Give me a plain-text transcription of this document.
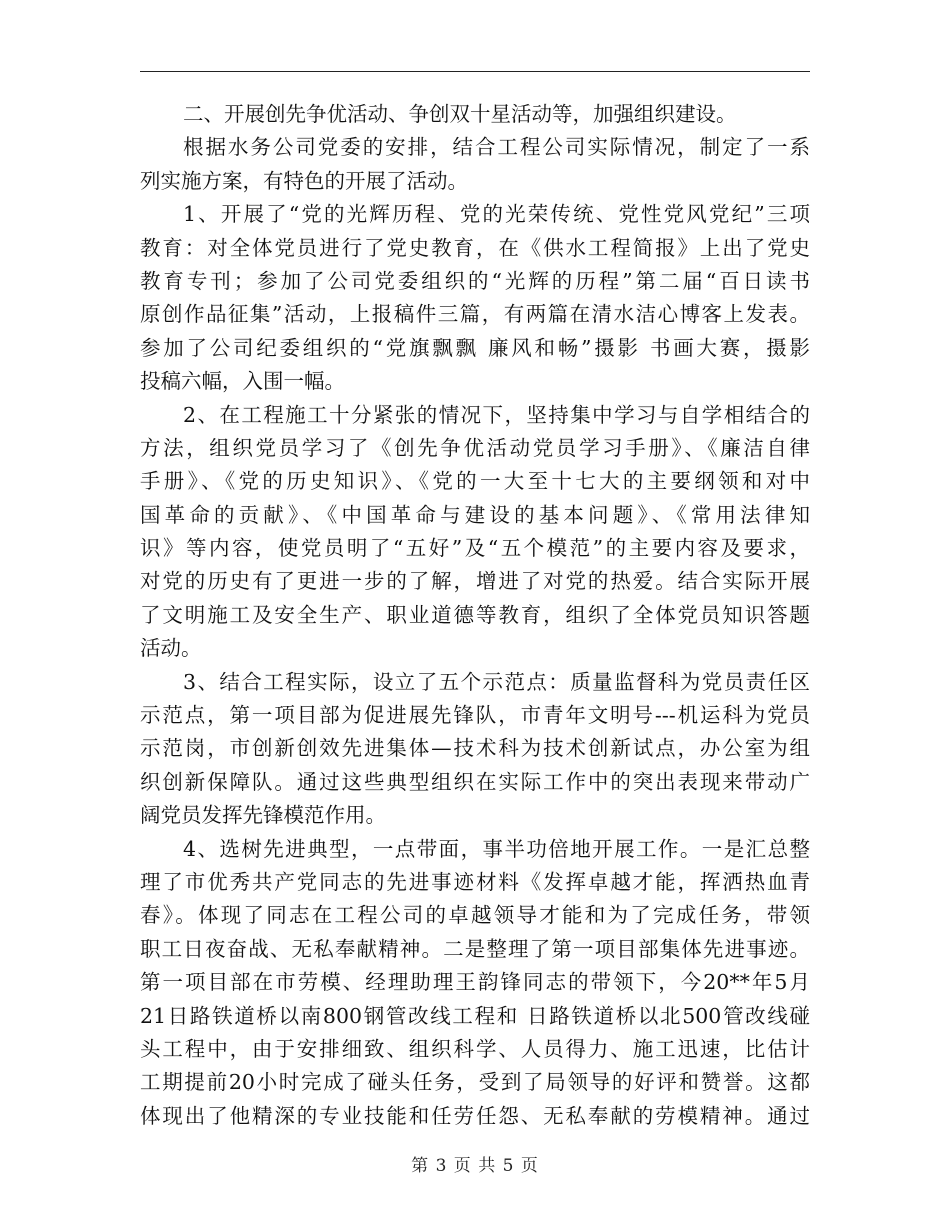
二、开展创先争优活动、争创双十星活动等，加强组织建设。
根据水务公司党委的安排，结合工程公司实际情况，制定了一系
列实施方案，有特色的开展了活动。
1、开展了“党的光辉历程、党的光荣传统、党性党风党纪”三项
教育：对全体党员进行了党史教育，在《供水工程简报》上出了党史
教育专刊；参加了公司党委组织的“光辉的历程”第二届“百日读书
原创作品征集”活动，上报稿件三篇，有两篇在清水洁心博客上发表。
参加了公司纪委组织的“党旗飘飘 廉风和畅”摄影 书画大赛，摄影
投稿六幅，入围一幅。
2、在工程施工十分紧张的情况下，坚持集中学习与自学相结合的
方法，组织党员学习了《创先争优活动党员学习手册》、《廉洁自律
手册》、《党的历史知识》、《党的一大至十七大的主要纲领和对中
国革命的贡献》、《中国革命与建设的基本问题》、《常用法律知
识》等内容，使党员明了“五好”及“五个模范”的主要内容及要求，
对党的历史有了更进一步的了解，增进了对党的热爱。结合实际开展
了文明施工及安全生产、职业道德等教育，组织了全体党员知识答题
活动。
3、结合工程实际，设立了五个示范点：质量监督科为党员责任区
示范点，第一项目部为促进展先锋队，市青年文明号---机运科为党员
示范岗，市创新创效先进集体—技术科为技术创新试点，办公室为组
织创新保障队。通过这些典型组织在实际工作中的突出表现来带动广
阔党员发挥先锋模范作用。
4、选树先进典型，一点带面，事半功倍地开展工作。一是汇总整
理了市优秀共产党同志的先进事迹材料《发挥卓越才能，挥洒热血青
春》。体现了同志在工程公司的卓越领导才能和为了完成任务，带领
职工日夜奋战、无私奉献精神。二是整理了第一项目部集体先进事迹。
第一项目部在市劳模、经理助理王韵锋同志的带领下，今20**年5月
21日路铁道桥以南800钢管改线工程和 日路铁道桥以北500管改线碰
头工程中，由于安排细致、组织科学、人员得力、施工迅速，比估计
工期提前20小时完成了碰头任务，受到了局领导的好评和赞誉。这都
体现出了他精深的专业技能和任劳任怨、无私奉献的劳模精神。通过
第 3 页 共 5 页
